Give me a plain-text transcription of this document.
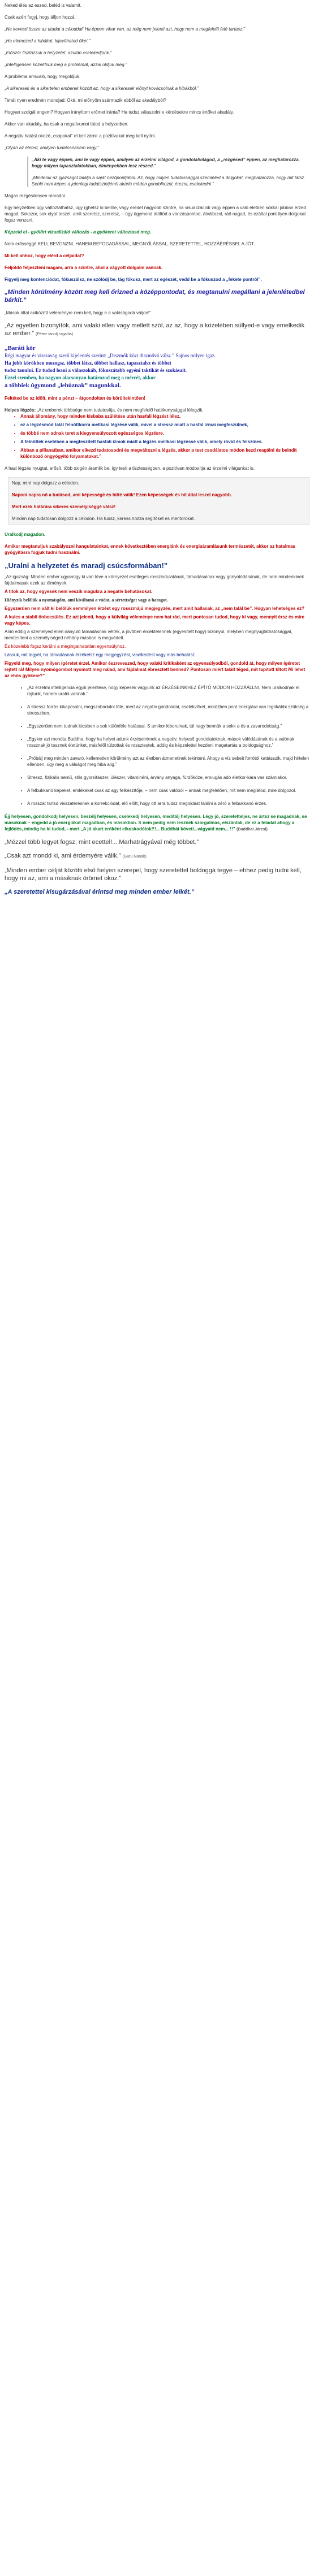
Neked élés az eszed, beléd is valamit.

Csak azért fogyj, hogy álljon hozzá.

„Ne kevesd össze az utadat a céloddal! Ha éppen vihar van, az még nem jelenti azt, hogy nem a megfelelő felé tartasz!”

„Ha elemezed a hibákat, kijavíthatod őket.”

„Először tisztázzuk a helyzetet, azután cselekedjünk.”

„Intelligensen közelítsük meg a problémát, azzal oldjuk meg.”

A probléma arravaló, hogy megoldjuk.

„A sikeresek és a sikertelen emberek között az, hogy a sikeresek előnyt kovácsolnak a hibákból.”

Tehát nyen eredmén mondjad: Oké, mi előnyöm származik ebből az akadályból?

Hogyan szolgál engem? Hogyan irányítom erőmet iránta? Ha tudsz válaszolni e kérdésekre mincs értőket akadály.

Akkor van akadály, ha csak a negatívumot látod a helyzetben.

A negatív hatást okozó „csapokat” el kell zárni: a pozitívakat meg kell nyitni.

„Olyan az életed, amilyen tudatosnánem vagy.”

„Akí te vagy éppen, ami te vagy éppen, amilyen az érzelmi világod, a gondolatvilágod, a „rezgésed” éppen, az meghatározza, hogy milyen tapasztalatokban, élményekben lesz részed.”

„Mindenki az igazságot találja a saját nézőpontjából. Az, hogy milyen tudatossággal szemléled a dolgokat, meghatározza, hogy mit látsz. Senki nem képes a jelenlegi tudatszintjénél akárió módon gondolkozni, érezni, cselekedni.”

Magas rezgésiiensen maradni.

Egy helyzetben úgy változtathatsz, úgy (ghetsz ki belőle, vagy eredet nagyobb szintre, ha visualizációk vagy éppen a való életben sokkal jobban érzed magad. Sokszor, sok olyat teszel, amit szeretsz, szeretsz, – úgy ügymond átöltöd a vonzáspontod, átváltozol, ráő nagad, és ezáltal pont ilyen dolgokat fogsz vonzani.

Képzeld el - gyölőrt vizualizáló változás - a gyökeret változtasd meg.

Nem erősséggé KELL BEVONZNI, HANEM BEFOGADÁSSAL, MEGNYÍLÁSSAL, SZERETETTEL, HOZZÁÉRÉSSEL A JÓT.

Mi kell ahhoz, hogy elérd a céljaidat?

Feljöldő feljesztení magam, arra a szintre, ahol a vágyott dolgaim vannak.

Figyelj meg kontenciódat, fókuszálsz, ne szólódj be, tág fókusz, mert az egészet, vedd be a fókuszod a „fekete pontról”.

„Minden körülmény között meg kell őrizned a középpontodat, és megtanulni megállani a jelenlétedbel bárkit.”

„Mások által akiközött véleményre nem kell, hogy e a valóságodá váljon!”

„Az egyetlen bizonyítók, ami valaki ellen vagy mellett szól, az az, hogy a közelében süllyed-e vagy emelkedik az ember.” (Pétez tanulj ragalás)

„Baráti kör
Régi magyar és visszavág szerű kijelentés szerint: „Diszmők közt diszmővá válsz.” Sajnos milyen igaz.
Ha jobb körökben mozogsz, többet látsz, többet hallasz, tapasztalsz és többet
tudsz tanulni. Ez tudod leani a válaszokáb, fókuszátabb egyéni taktikát és szokásait.
Ezzel szemben, ha nagyon alacsonyan határozod meg a mércét, akkor
a többiek úgymond „lehúznak” magunkkal.

Feltéted be az idölt, mint a pénzt – átgondoltan és körültekintően!

Helyes légzés: „Az emberek többsége nem tudatosítja, és nem megfelelő hatékonysággal lélegzik.
• Annak állomány, hogy minden kisbaba szülétése után hasfali légzést lélez,
• ez a légzésmód talál felnőttkorra mellkasi légzésé válik, mivel a stressz miatt a hasfal izmai megfeszülnek,
• és többé nem adnak teret a kiegyensúlyozott egészséges légzésre.
• A felnőttek esetében a megfeszített hasfali izmok miatt a légzés mellkasi légzéssé válik, amely rövid és felszínes.
• Abban a pillanatban, amikor elkezd tudatosodni és megváltozni a légzés, akkor a test csodálatos módon kezd reagálni és beindít különböző öngyógyító folyamatokat.”

A hasi légzés nyugtat, erősít, több oxigén áramlik be, így testi a tisztességben, a pozitívan módosítja az érzelmi világunkat is.

Nap, mint nap dolgozz a célodon.

Naponi napra nő a tudásod, ami képességé és hitté válik! Ezen képességek és hit által leszel nagyobb.

Mert ezek határára sikeres személyiséggé válsz!

Minden nap tudatosan dolgozz a célodon. Ha tudsz, keress hozzá segítőket és mentorokat.

Uralkodj magadon.

Amikor megtanuljuk szabályozni hangulatainkat, ennek következtében energiánk és energiaáramlásunk természetét, akkor az hatalmas gyógyításra fogjuk tudni használni.

„Uralni a helyzetet és maradj csúcsformában!”

„Az igazság: Minden ember ugyanúgy ki van téve a környezet esetleges rosszindulatának, támadásainak vagy gúnyolódásának, de nem mindenkinek fájdalmasak ezek az élmények.

A titok az, hogy egyesek nem veszik magukra a negatív behatásokat.

Hiányzik belőlük a nyomásgőm, ami kiváltaná a vádat, a sértettséget vagy a haragot.

Egyszerűen nem vált ki belőlük semmilyen érzést egy rosszmájú megjegyzés, mert amit hallanak, az „nem talál be”. Hogyan lehetséges ez?

A kulcs a stabil önbecsülés. Ez azt jelenti, hogy a külvilág véleménye nem hat rád, mert pontosan tudod, hogy ki vagy, mennyit érsz és mire vagy képes.

Aniő eddig a személyed ellen irányuló támadásnak vélték, a jövőben érdektelennek (egyesített hogy) bizonyul, melyben megnyugtathatósággal, mentesíteni a személyiséged néhány másban is megvédett.

És közelebb fogsz kerülni a megingathatatlan egyensúlyhoz.

Lássuk, mit tegyél, ha támadásnak érzékelsz egy megjegyzést, viselkedést vagy más behatást:

Figyeld meg, hogy milyen ígéretet érzel. Amikor észreveszed, hogy valaki kritikaként az egyensúlyodból, gondold át, hogy milyen ígéretet rejtett rá! Milyen nyomógombot nyomott meg nálad, ami fájdalmat ébresztett benned? Pontosan miért talált téged, mit tapitott tiltott Mi lehet az ehös gyökere?”

• „Az érzelmi intelligencia egyik jelentése, hogy képesek vagyunk az ÉRZÉSEINKHEZ ÉPÍTŐ MÓDON HOZZÁÁLLNI. Nem uralkodnak el rajtunk, hanem uralni vannak.”
• A stressz forrás kikapcsolni, megszabadulni tőle, mert az negatív gondolatai, cselekvőket, miközben pont energiára van legnkábbi szükség a stresszben.
• „Egyszerűen nem tudnak kicsiben a sok különféle hatással. S amikor kiborulnak, túl nagy bennük a sokk a és a zavarodottság.”
• „Egykor azt mondta Buddha, hogy ha helyet adunk érzéseinknek a negatív, helyeső gondolatoknak, mások válódásának és a valónak rossznak jó tesznek életünket, másfelől túlzottak és rossztestek, addig és képzelettel kezdeni magatartás a boldogsághoz.”
• „Próbálj meg minden zavaró, kellemetlen körülmény azt az életben átmenetinek tekinteni. Ahogy a víz sebeit forrótól kattásszik, majd hirtelen ellenben, úgy meg a válságot meg hiba alig.”
• Stressz, fizikális nemű, stíls gyorsítászer, ülészer, vitaminéni, árvány anyaga, fürdőköze, emiugás adó életkor-kára vas számlakor.
• A felbukkanó képeket, emlékeket csak az agy felkészítője, – nem csak valóból – annak megfelelően, mit nem meglátod, mire dolgozol.
• A rosszat tartsd visszatérésnek a korrekciódat, elő előtt, hogy ott arra tudsz megoldást találni a zéró a felbukkanó érzés.

Éjj helyesen, gondolkodj helyesen, beszélj helyesen, cselekedj helyesen, meditálj helyesen. Légy jó, szeretetteljes, ne ártsz se magadnak, se másoknak – engedd a jó energiákat magadban, és másokban. S nem pedig nem lesznek szorgalmas, elszántak, de ez a feladat ahogy a fejlődés, mindig ha ki tudod, - mert „A jó akart erőként elkoskodótok!!!... Buddhát követi...vágyaid nem... !!” (Buddhai Járesl)

„Mézzel több legyet fogsz, mint ecettel!... Marhatrágyával még többet.”

„Csak azt mondd ki, ami érdemyére válik.” (Guru Nanak)

„Minden ember célját közötti első helyen szerepel, hogy szeretettel boldoggá tegye – ehhez pedig tudni kell, hogy mi az, ami a másiknak örömet okoz.”

„A szeretettel kisugárzásával érintsd meg minden ember lelkét.”
